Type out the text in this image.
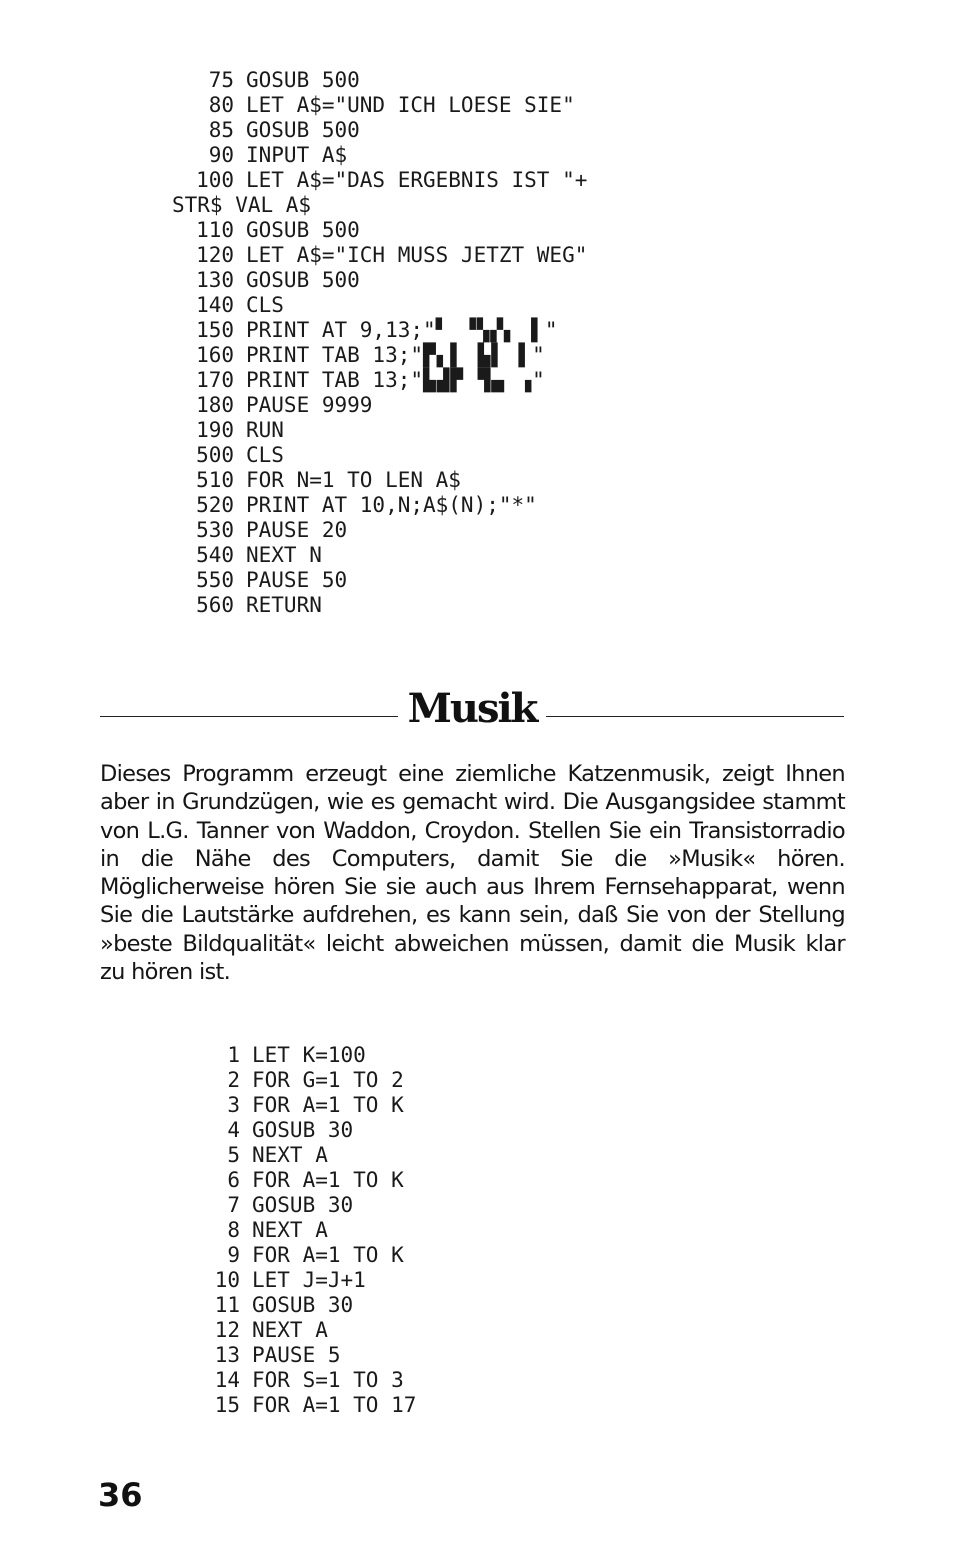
75 GOSUB 500
80 LET A$="UND ICH LOESE SIE"
85 GOSUB 500
90 INPUT A$
100 LET A$="DAS ERGEBNIS IST "+
STR$ VAL A$
110 GOSUB 500
120 LET A$="ICH MUSS JETZT WEG"
130 GOSUB 500
140 CLS
150 PRINT AT 9,13;"▘ ▝▚▞▖ ▌"
160 PRINT TAB 13;"▛▖▌ ▙▌ ▌"
170 PRINT TAB 13;"▙▟▛ ▜▄ ▗"
180 PAUSE 9999
190 RUN
500 CLS
510 FOR N=1 TO LEN A$
520 PRINT AT 10,N;A$(N);"*"
530 PAUSE 20
540 NEXT N
550 PAUSE 50
560 RETURN
Musik

Dieses Programm erzeugt eine ziemliche Katzenmusik, zeigt Ihnen aber in Grundzügen, wie es gemacht wird. Die Ausgangsidee stammt von L.G. Tanner von Waddon, Croydon. Stellen Sie ein Transistorradio in die Nähe des Computers, damit Sie die »Musik« hören. Möglicherweise hören Sie sie auch aus Ihrem Fernsehapparat, wenn Sie die Lautstärke aufdrehen, es kann sein, daß Sie von der Stellung »beste Bildqualität« leicht abweichen müssen, damit die Musik klar zu hören ist.

1 LET K=100
2 FOR G=1 TO 2
3 FOR A=1 TO K
4 GOSUB 30
5 NEXT A
6 FOR A=1 TO K
7 GOSUB 30
8 NEXT A
9 FOR A=1 TO K
10 LET J=J+1
11 GOSUB 30
12 NEXT A
13 PAUSE 5
14 FOR S=1 TO 3
15 FOR A=1 TO 17
36
